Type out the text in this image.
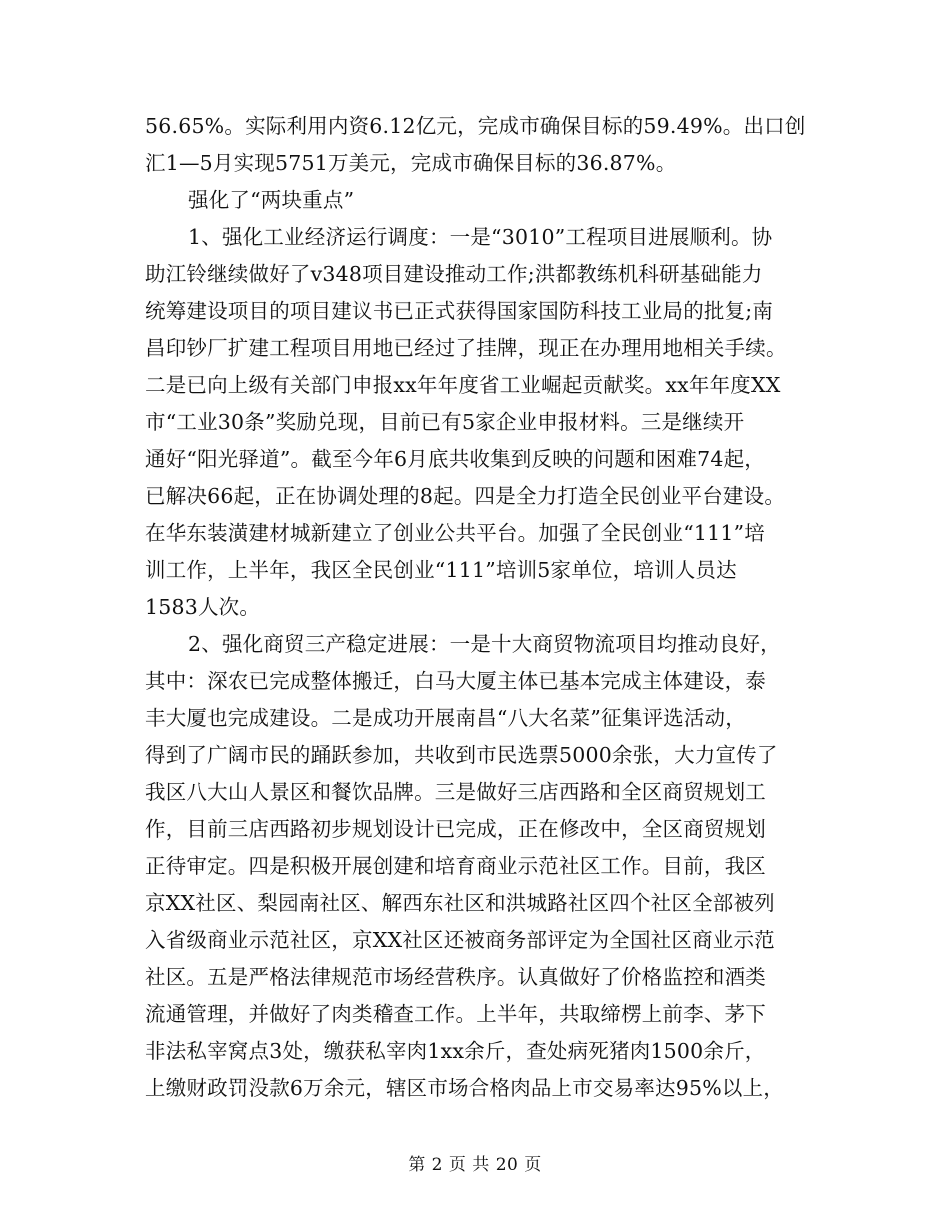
56.65%。实际利用内资6.12亿元，完成市确保目标的59.49%。出口创
汇1—5月实现5751万美元，完成市确保目标的36.87%。
强化了“两块重点”
1、强化工业经济运行调度：一是“3010”工程项目进展顺利。协
助江铃继续做好了v348项目建设推动工作;洪都教练机科研基础能力
统筹建设项目的项目建议书已正式获得国家国防科技工业局的批复;南
昌印钞厂扩建工程项目用地已经过了挂牌，现正在办理用地相关手续。
二是已向上级有关部门申报xx年年度省工业崛起贡献奖。xx年年度XX
市“工业30条”奖励兑现，目前已有5家企业申报材料。三是继续开
通好“阳光驿道”。截至今年6月底共收集到反映的问题和困难74起，
已解决66起，正在协调处理的8起。四是全力打造全民创业平台建设。
在华东装潢建材城新建立了创业公共平台。加强了全民创业“111”培
训工作，上半年，我区全民创业“111”培训5家单位，培训人员达
1583人次。
2、强化商贸三产稳定进展：一是十大商贸物流项目均推动良好，
其中：深农已完成整体搬迁，白马大厦主体已基本完成主体建设，泰
丰大厦也完成建设。二是成功开展南昌“八大名菜”征集评选活动，
得到了广阔市民的踊跃参加，共收到市民选票5000余张，大力宣传了
我区八大山人景区和餐饮品牌。三是做好三店西路和全区商贸规划工
作，目前三店西路初步规划设计已完成，正在修改中，全区商贸规划
正待审定。四是积极开展创建和培育商业示范社区工作。目前，我区
京XX社区、梨园南社区、解西东社区和洪城路社区四个社区全部被列
入省级商业示范社区，京XX社区还被商务部评定为全国社区商业示范
社区。五是严格法律规范市场经营秩序。认真做好了价格监控和酒类
流通管理，并做好了肉类稽查工作。上半年，共取缔楞上前李、茅下
非法私宰窝点3处，缴获私宰肉1xx余斤，查处病死猪肉1500余斤，
上缴财政罚没款6万余元，辖区市场合格肉品上市交易率达95%以上，
第 2 页 共 20 页
